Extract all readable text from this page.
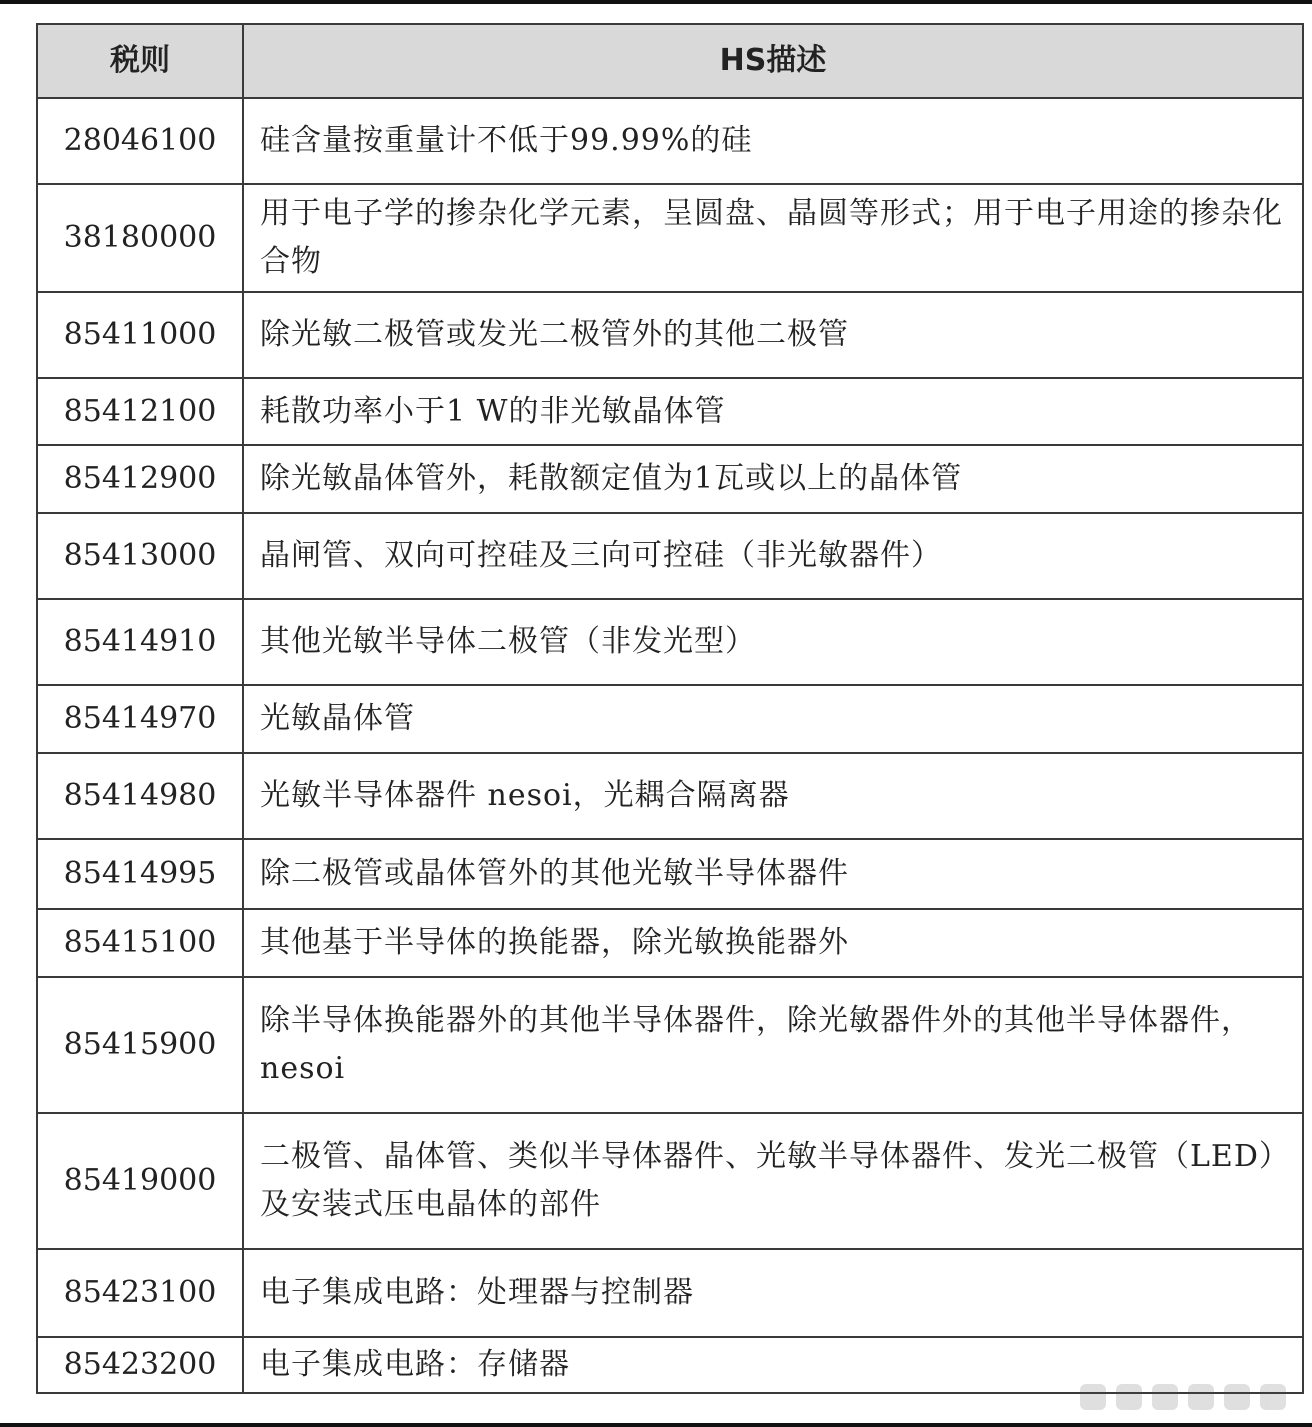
税则	HS描述
28046100	硅含量按重量计不低于99.99%的硅
38180000	用于电子学的掺杂化学元素，呈圆盘、晶圆等形式；用于电子用途的掺杂化合物
85411000	除光敏二极管或发光二极管外的其他二极管
85412100	耗散功率小于1 W的非光敏晶体管
85412900	除光敏晶体管外，耗散额定值为1瓦或以上的晶体管
85413000	晶闸管、双向可控硅及三向可控硅（非光敏器件）
85414910	其他光敏半导体二极管（非发光型）
85414970	光敏晶体管
85414980	光敏半导体器件 nesoi，光耦合隔离器
85414995	除二极管或晶体管外的其他光敏半导体器件
85415100	其他基于半导体的换能器，除光敏换能器外
85415900	除半导体换能器外的其他半导体器件，除光敏器件外的其他半导体器件，nesoi
85419000	二极管、晶体管、类似半导体器件、光敏半导体器件、发光二极管（LED）及安装式压电晶体的部件
85423100	电子集成电路：处理器与控制器
85423200	电子集成电路：存储器
